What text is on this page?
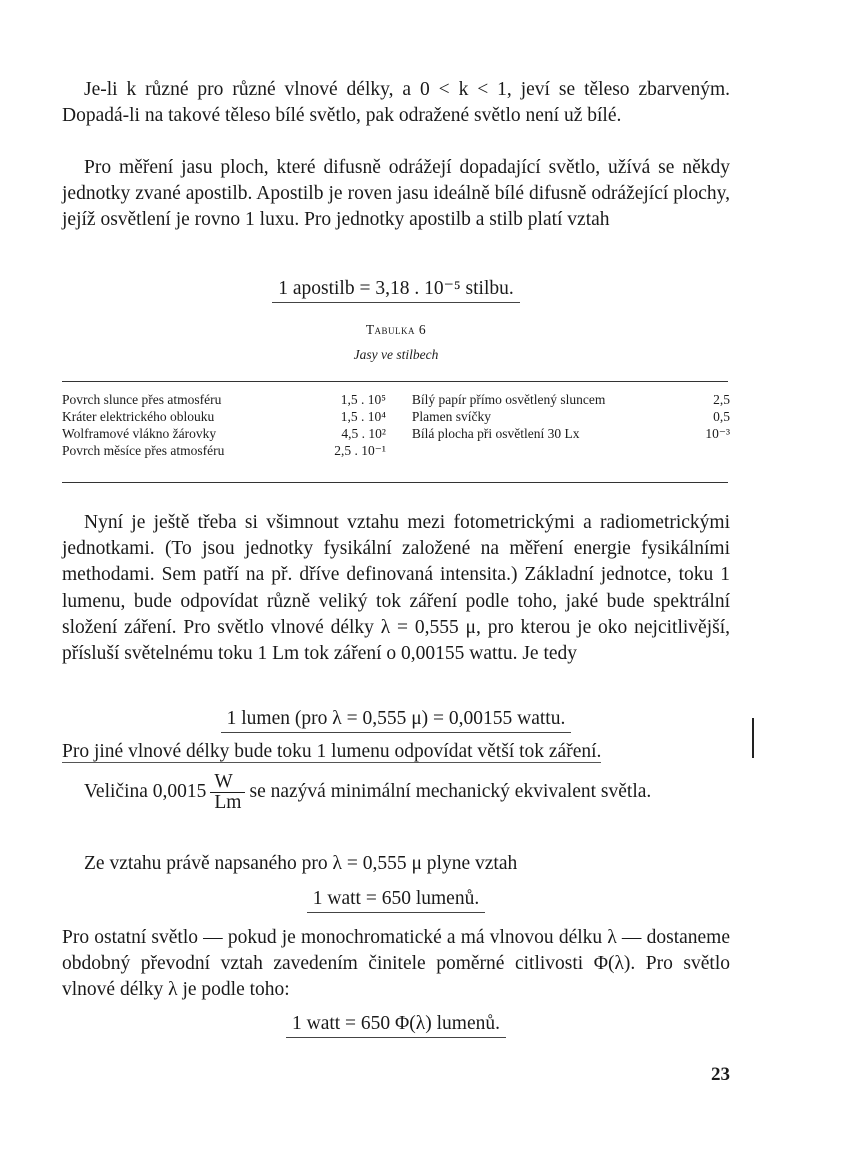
Je-li k různé pro různé vlnové délky, a 0 < k < 1, jeví se těleso zbarveným. Dopadá-li na takové těleso bílé světlo, pak odražené světlo není už bílé.
Pro měření jasu ploch, které difusně odrážejí dopadající světlo, užívá se někdy jednotky zvané apostilb. Apostilb je roven jasu ideálně bílé difusně odrážející plochy, jejíž osvětlení je rovno 1 luxu. Pro jednotky apostilb a stilb platí vztah
1 apostilb = 3,18 . 10⁻⁵ stilbu.
Tabulka 6
Jasy ve stilbech
Povrch slunce přes atmosféru	1,5 . 10⁵	Bílý papír přímo osvětlený sluncem	2,5
Kráter elektrického oblouku	1,5 . 10⁴	Plamen svíčky	0,5
Wolframové vlákno žárovky	4,5 . 10²	Bílá plocha při osvětlení 30 Lx	10⁻³
Povrch měsíce přes atmosféru	2,5 . 10⁻¹		
Nyní je ještě třeba si všimnout vztahu mezi fotometrickými a radiometrickými jednotkami. (To jsou jednotky fysikální založené na měření energie fysikálními methodami. Sem patří na př. dříve definovaná intensita.) Základní jednotce, toku 1 lumenu, bude odpovídat různě veliký tok záření podle toho, jaké bude spektrální složení záření. Pro světlo vlnové délky λ = 0,555 μ, pro kterou je oko nejcitlivější, přísluší světelnému toku 1 Lm tok záření o 0,00155 wattu. Je tedy
1 lumen (pro λ = 0,555 μ) = 0,00155 wattu.
Pro jiné vlnové délky bude toku 1 lumenu odpovídat větší tok záření.
Veličina $0,0015 \frac{W}{Lm}$ se nazývá minimální mechanický ekvivalent světla.
Ze vztahu právě napsaného pro λ = 0,555 μ plyne vztah
1 watt = 650 lumenů.
Pro ostatní světlo — pokud je monochromatické a má vlnovou délku λ — dostaneme obdobný převodní vztah zavedením činitele poměrné citlivosti Φ(λ). Pro světlo vlnové délky λ je podle toho:
1 watt = 650 Φ(λ) lumenů.
23
